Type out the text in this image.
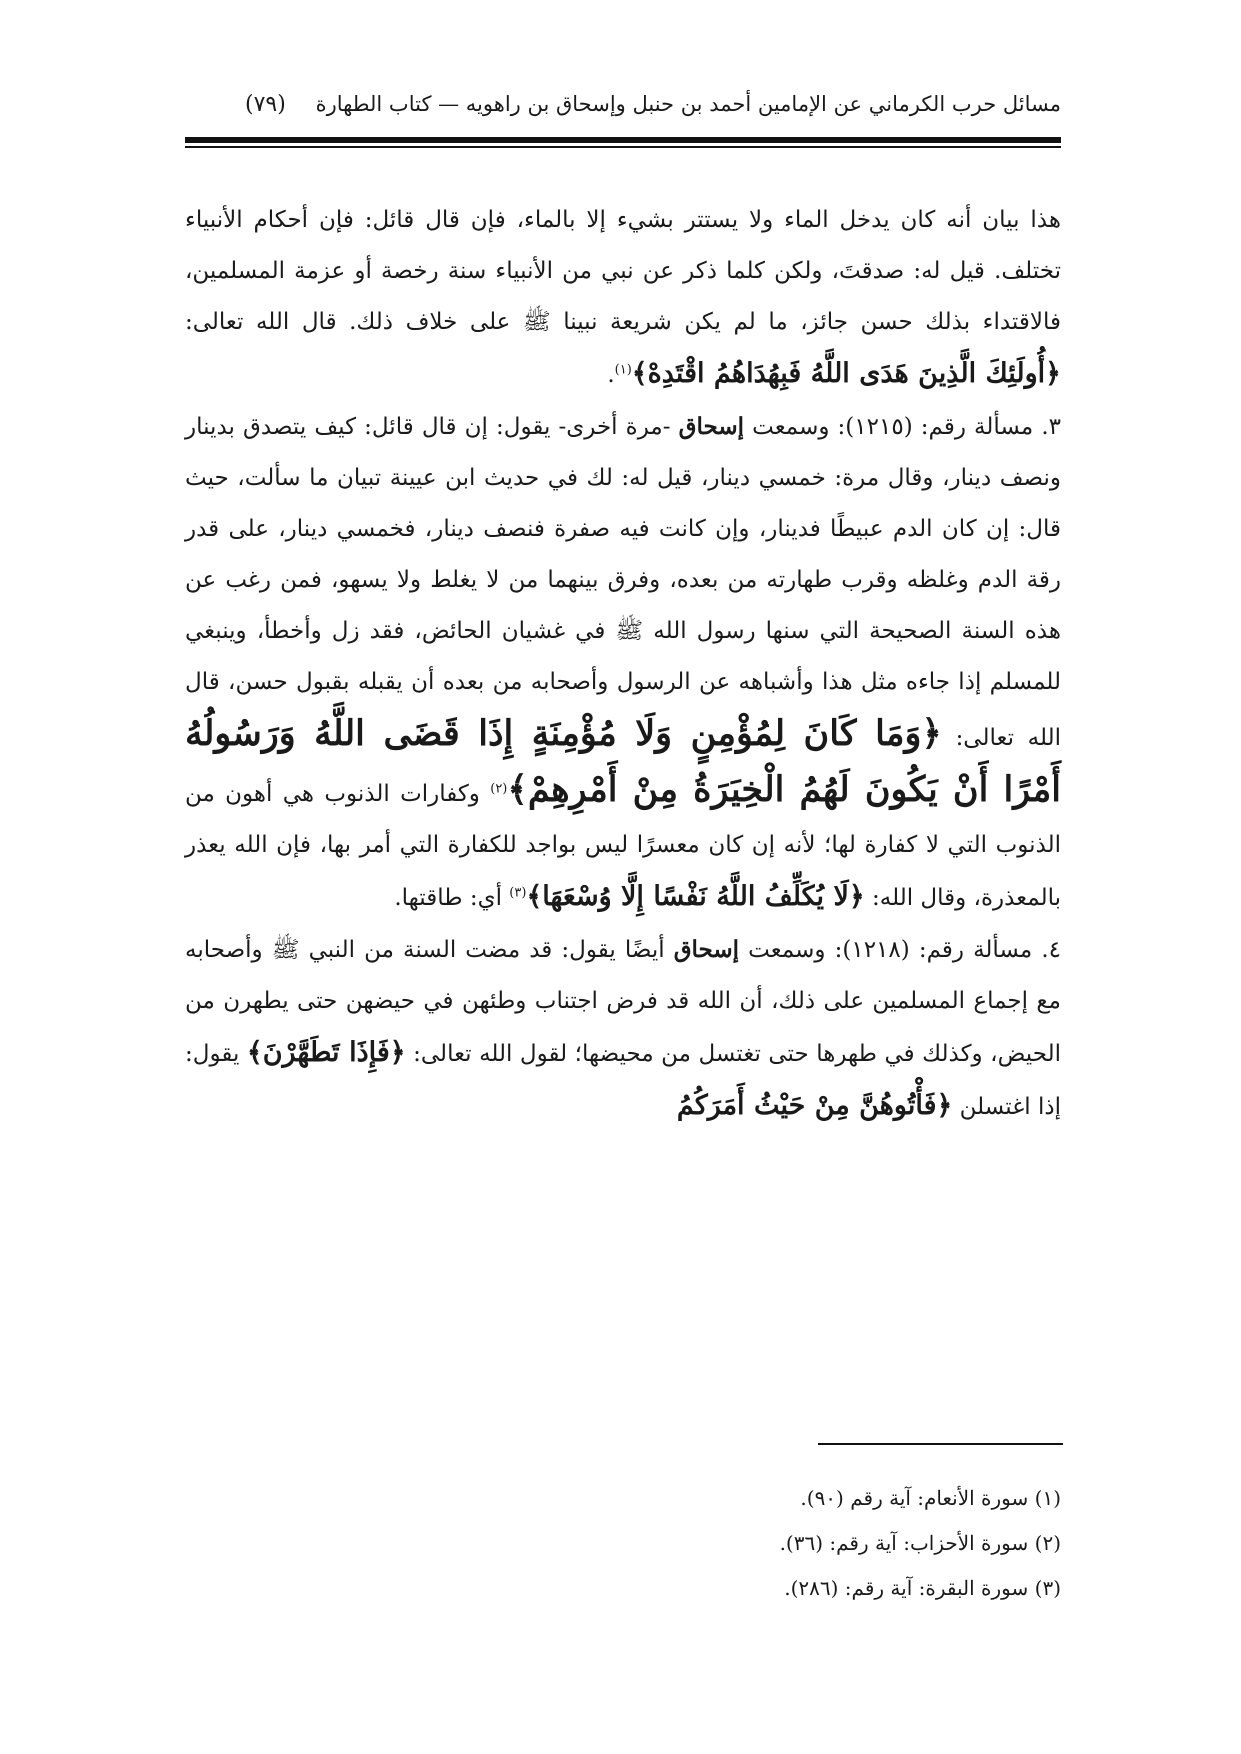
مسائل حرب الكرماني عن الإمامين أحمد بن حنبل وإسحاق بن راهويه — كتاب الطهارة
(٧٩)

هذا بيان أنه كان يدخل الماء ولا يستتر بشيء إلا بالماء، فإن قال قائل: فإن أحكام الأنبياء تختلف. قيل له: صدقتَ، ولكن كلما ذكر عن نبي من الأنبياء سنة رخصة أو عزمة المسلمين، فالاقتداء بذلك حسن جائز، ما لم يكن شريعة نبينا ﷺ على خلاف ذلك. قال الله تعالى: ﴿أُولَئِكَ الَّذِينَ هَدَى اللَّهُ فَبِهُدَاهُمُ اقْتَدِهْ﴾$^{(١)}$.

٣. مسألة رقم: (١٢١٥): وسمعت إسحاق -مرة أخرى- يقول: إن قال قائل: كيف يتصدق بدينار ونصف دينار، وقال مرة: خمسي دينار، قيل له: لك في حديث ابن عيينة تبيان ما سألت، حيث قال: إن كان الدم عبيطًا فدينار، وإن كانت فيه صفرة فنصف دينار، فخمسي دينار، على قدر رقة الدم وغلظه وقرب طهارته من بعده، وفرق بينهما من لا يغلط ولا يسهو، فمن رغب عن هذه السنة الصحيحة التي سنها رسول الله ﷺ في غشيان الحائض، فقد زل وأخطأ، وينبغي للمسلم إذا جاءه مثل هذا وأشباهه عن الرسول وأصحابه من بعده أن يقبله بقبول حسن، قال الله تعالى: ﴿وَمَا كَانَ لِمُؤْمِنٍ وَلَا مُؤْمِنَةٍ إِذَا قَضَى اللَّهُ وَرَسُولُهُ أَمْرًا أَنْ يَكُونَ لَهُمُ الْخِيَرَةُ مِنْ أَمْرِهِمْ﴾$^{(٢)}$ وكفارات الذنوب هي أهون من الذنوب التي لا كفارة لها؛ لأنه إن كان معسرًا ليس بواجد للكفارة التي أمر بها، فإن الله يعذر بالمعذرة، وقال الله: ﴿لَا يُكَلِّفُ اللَّهُ نَفْسًا إِلَّا وُسْعَهَا﴾$^{(٣)}$ أي: طاقتها.

٤. مسألة رقم: (١٢١٨): وسمعت إسحاق أيضًا يقول: قد مضت السنة من النبي ﷺ وأصحابه مع إجماع المسلمين على ذلك، أن الله قد فرض اجتناب وطئهن في حيضهن حتى يطهرن من الحيض، وكذلك في طهرها حتى تغتسل من محيضها؛ لقول الله تعالى: ﴿فَإِذَا تَطَهَّرْنَ﴾ يقول: إذا اغتسلن ﴿فَأْتُوهُنَّ مِنْ حَيْثُ أَمَرَكُمُ

(١) سورة الأنعام: آية رقم (٩٠).
(٢) سورة الأحزاب: آية رقم: (٣٦).
(٣) سورة البقرة: آية رقم: (٢٨٦).
